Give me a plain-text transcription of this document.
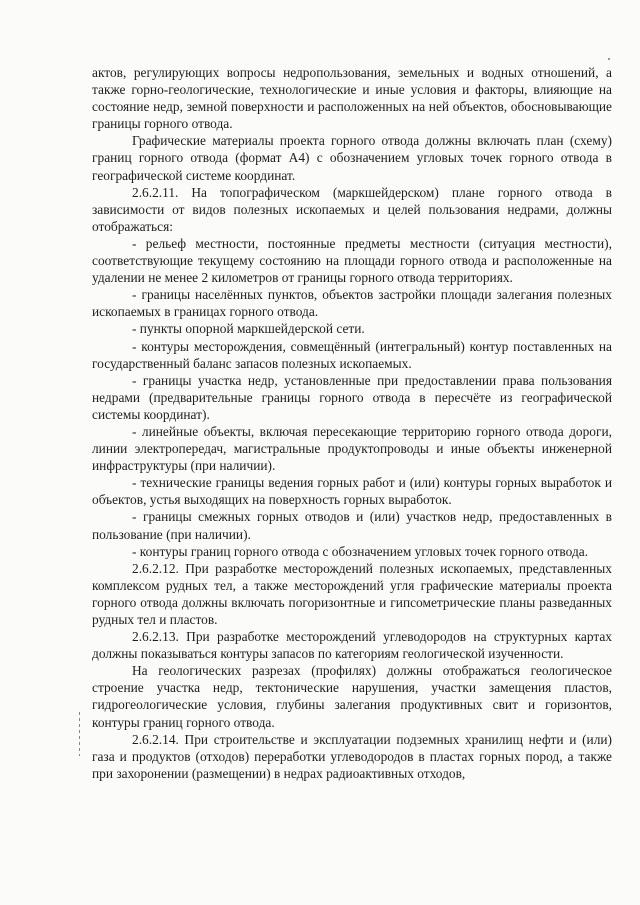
актов, регулирующих вопросы недропользования, земельных и водных отношений, а также горно-геологические, технологические и иные условия и факторы, влияющие на состояние недр, земной поверхности и расположенных на ней объектов, обосновывающие границы горного отвода.

Графические материалы проекта горного отвода должны включать план (схему) границ горного отвода (формат А4) с обозначением угловых точек горного отвода в географической системе координат.

2.6.2.11. На топографическом (маркшейдерском) плане горного отвода в зависимости от видов полезных ископаемых и целей пользования недрами, должны отображаться:

- рельеф местности, постоянные предметы местности (ситуация местности), соответствующие текущему состоянию на площади горного отвода и расположенные на удалении не менее 2 километров от границы горного отвода территориях.

- границы населённых пунктов, объектов застройки площади залегания полезных ископаемых в границах горного отвода.

- пункты опорной маркшейдерской сети.

- контуры месторождения, совмещённый (интегральный) контур поставленных на государственный баланс запасов полезных ископаемых.

- границы участка недр, установленные при предоставлении права пользования недрами (предварительные границы горного отвода в пересчёте из географической системы координат).

- линейные объекты, включая пересекающие территорию горного отвода дороги, линии электропередач, магистральные продуктопроводы и иные объекты инженерной инфраструктуры (при наличии).

- технические границы ведения горных работ и (или) контуры горных выработок и объектов, устья выходящих на поверхность горных выработок.

- границы смежных горных отводов и (или) участков недр, предоставленных в пользование (при наличии).

- контуры границ горного отвода с обозначением угловых точек горного отвода.

2.6.2.12. При разработке месторождений полезных ископаемых, представленных комплексом рудных тел, а также месторождений угля графические материалы проекта горного отвода должны включать погоризонтные и гипсометрические планы разведанных рудных тел и пластов.

2.6.2.13. При разработке месторождений углеводородов на структурных картах должны показываться контуры запасов по категориям геологической изученности.

На геологических разрезах (профилях) должны отображаться геологическое строение участка недр, тектонические нарушения, участки замещения пластов, гидрогеологические условия, глубины залегания продуктивных свит и горизонтов, контуры границ горного отвода.

2.6.2.14. При строительстве и эксплуатации подземных хранилищ нефти и (или) газа и продуктов (отходов) переработки углеводородов в пластах горных пород, а также при захоронении (размещении) в недрах радиоактивных отходов,
